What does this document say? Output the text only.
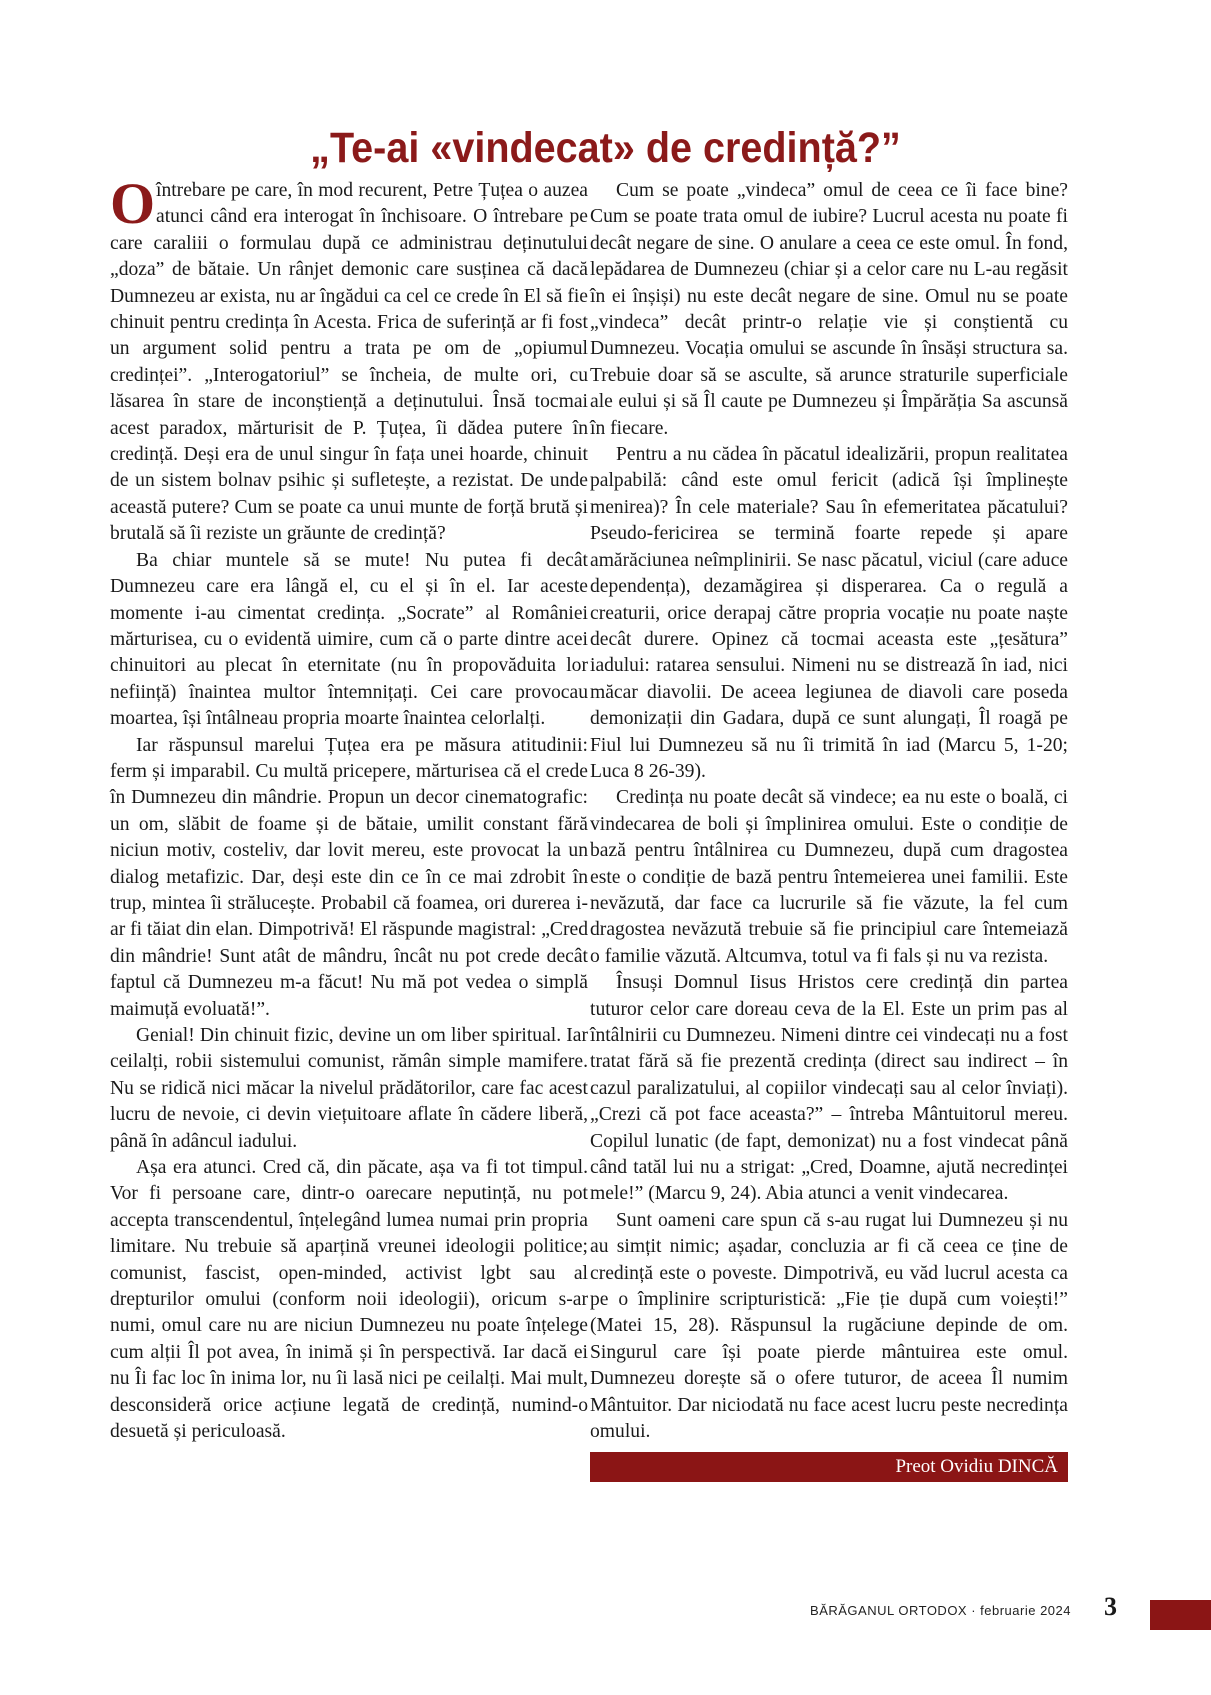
„Te-ai «vindecat» de credință?”

O întrebare pe care, în mod recurent, Petre Țuțea o auzea atunci când era interogat în închisoare. O întrebare pe care caraliii o formulau după ce administrau deținutului „doza” de bătaie. Un rânjet demonic care susținea că dacă Dumnezeu ar exista, nu ar îngădui ca cel ce crede în El să fie chinuit pentru credința în Acesta. Frica de suferință ar fi fost un argument solid pentru a trata pe om de „opiumul credinței”. „Interogatoriul” se încheia, de multe ori, cu lăsarea în stare de inconștiență a deținutului. Însă tocmai acest paradox, mărturisit de P. Țuțea, îi dădea putere în credință. Deși era de unul singur în fața unei hoarde, chinuit de un sistem bolnav psihic și sufletește, a rezistat. De unde această putere? Cum se poate ca unui munte de forță brută și brutală să îi reziste un grăunte de credință?

Ba chiar muntele să se mute! Nu putea fi decât Dumnezeu care era lângă el, cu el și în el. Iar aceste momente i-au cimentat credința. „Socrate” al României mărturisea, cu o evidentă uimire, cum că o parte dintre acei chinuitori au plecat în eternitate (nu în propovăduita lor neființă) înaintea multor întemnițați. Cei care provocau moartea, își întâlneau propria moarte înaintea celorlalți.

Iar răspunsul marelui Țuțea era pe măsura atitudinii: ferm și imparabil. Cu multă pricepere, mărturisea că el crede în Dumnezeu din mândrie. Propun un decor cinematografic: un om, slăbit de foame și de bătaie, umilit constant fără niciun motiv, costeliv, dar lovit mereu, este provocat la un dialog metafizic. Dar, deși este din ce în ce mai zdrobit în trup, mintea îi strălucește. Probabil că foamea, ori durerea i-ar fi tăiat din elan. Dimpotrivă! El răspunde magistral: „Cred din mândrie! Sunt atât de mândru, încât nu pot crede decât faptul că Dumnezeu m-a făcut! Nu mă pot vedea o simplă maimuță evoluată!”.

Genial! Din chinuit fizic, devine un om liber spiritual. Iar ceilalți, robii sistemului comunist, rămân simple mamifere. Nu se ridică nici măcar la nivelul prădătorilor, care fac acest lucru de nevoie, ci devin viețuitoare aflate în cădere liberă, până în adâncul iadului.

Așa era atunci. Cred că, din păcate, așa va fi tot timpul. Vor fi persoane care, dintr-o oarecare neputință, nu pot accepta transcendentul, înțelegând lumea numai prin propria limitare. Nu trebuie să aparțină vreunei ideologii politice; comunist, fascist, open-minded, activist lgbt sau al drepturilor omului (conform noii ideologii), oricum s-ar numi, omul care nu are niciun Dumnezeu nu poate înțelege cum alții Îl pot avea, în inimă și în perspectivă. Iar dacă ei nu Îi fac loc în inima lor, nu îi lasă nici pe ceilalți. Mai mult, desconsideră orice acțiune legată de credință, numind-o desuetă și periculoasă.

Cum se poate „vindeca” omul de ceea ce îi face bine? Cum se poate trata omul de iubire? Lucrul acesta nu poate fi decât negare de sine. O anulare a ceea ce este omul. În fond, lepădarea de Dumnezeu (chiar și a celor care nu L-au regăsit în ei înșiși) nu este decât negare de sine. Omul nu se poate „vindeca” decât printr-o relație vie și conștientă cu Dumnezeu. Vocația omului se ascunde în însăși structura sa. Trebuie doar să se asculte, să arunce straturile superficiale ale eului și să Îl caute pe Dumnezeu și Împărăția Sa ascunsă în fiecare.

Pentru a nu cădea în păcatul idealizării, propun realitatea palpabilă: când este omul fericit (adică își împlinește menirea)? În cele materiale? Sau în efemeritatea păcatului? Pseudo-fericirea se termină foarte repede și apare amărăciunea neîmplinirii. Se nasc păcatul, viciul (care aduce dependența), dezamăgirea și disperarea. Ca o regulă a creaturii, orice derapaj către propria vocație nu poate naște decât durere. Opinez că tocmai aceasta este „țesătura” iadului: ratarea sensului. Nimeni nu se distrează în iad, nici măcar diavolii. De aceea legiunea de diavoli care poseda demonizații din Gadara, după ce sunt alungați, Îl roagă pe Fiul lui Dumnezeu să nu îi trimită în iad (Marcu 5, 1-20; Luca 8 26-39).

Credința nu poate decât să vindece; ea nu este o boală, ci vindecarea de boli și împlinirea omului. Este o condiție de bază pentru întâlnirea cu Dumnezeu, după cum dragostea este o condiție de bază pentru întemeierea unei familii. Este nevăzută, dar face ca lucrurile să fie văzute, la fel cum dragostea nevăzută trebuie să fie principiul care întemeiază o familie văzută. Altcumva, totul va fi fals și nu va rezista.

Însuși Domnul Iisus Hristos cere credință din partea tuturor celor care doreau ceva de la El. Este un prim pas al întâlnirii cu Dumnezeu. Nimeni dintre cei vindecați nu a fost tratat fără să fie prezentă credința (direct sau indirect – în cazul paralizatului, al copiilor vindecați sau al celor înviați). „Crezi că pot face aceasta?” – întreba Mântuitorul mereu. Copilul lunatic (de fapt, demonizat) nu a fost vindecat până când tatăl lui nu a strigat: „Cred, Doamne, ajută necredinței mele!” (Marcu 9, 24). Abia atunci a venit vindecarea.

Sunt oameni care spun că s-au rugat lui Dumnezeu și nu au simțit nimic; așadar, concluzia ar fi că ceea ce ține de credință este o poveste. Dimpotrivă, eu văd lucrul acesta ca pe o împlinire scripturistică: „Fie ție după cum voiești!” (Matei 15, 28). Răspunsul la rugăciune depinde de om. Singurul care își poate pierde mântuirea este omul. Dumnezeu dorește să o ofere tuturor, de aceea Îl numim Mântuitor. Dar niciodată nu face acest lucru peste necredința omului.

Preot Ovidiu DINCĂ
BĂRĂGANUL ORTODOX · februarie 2024 3
